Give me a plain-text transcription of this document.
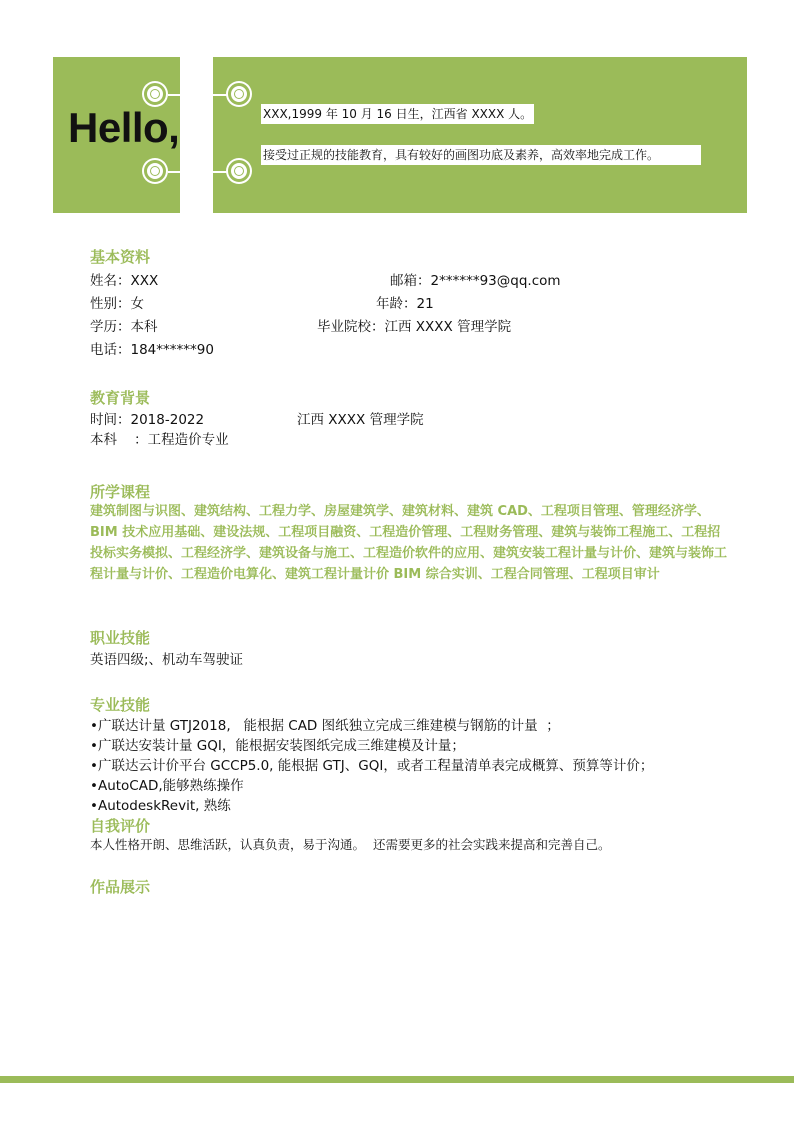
Hello,	XXX,1999 年 10 月 16 日生，江西省 XXXX 人。
接受过正规的技能教育，具有较好的画图功底及素养，高效率地完成工作。
基本资料
姓名：XXX	邮箱：2******93@qq.com
性别：女	年龄：21
学历：本科	毕业院校：江西 XXXX 管理学院
电话：184******90
教育背景
时间：2018-2022	江西 XXXX 管理学院
本科    ：工程造价专业
所学课程
建筑制图与识图、建筑结构、工程力学、房屋建筑学、建筑材料、建筑 CAD、工程项目管理、管理经济学、BIM 技术应用基础、建设法规、工程项目融资、工程造价管理、工程财务管理、建筑与装饰工程施工、工程招投标实务模拟、工程经济学、建筑设备与施工、工程造价软件的应用、建筑安装工程计量与计价、建筑与装饰工程计量与计价、工程造价电算化、建筑工程计量计价 BIM 综合实训、工程合同管理、工程项目审计
职业技能
英语四级;、机动车驾驶证
专业技能
•广联达计量 GTJ2018,   能根据 CAD 图纸独立完成三维建模与钢筋的计量  ；
•广联达安装计量 GQI，能根据安装图纸完成三维建模及计量；
•广联达云计价平台 GCCP5.0, 能根据 GTJ、GQI，或者工程量清单表完成概算、预算等计价；
•AutoCAD,能够熟练操作
•AutodeskRevit, 熟练
自我评价
本人性格开朗、思维活跃，认真负责，易于沟通。  还需要更多的社会实践来提高和完善自己。
作品展示
